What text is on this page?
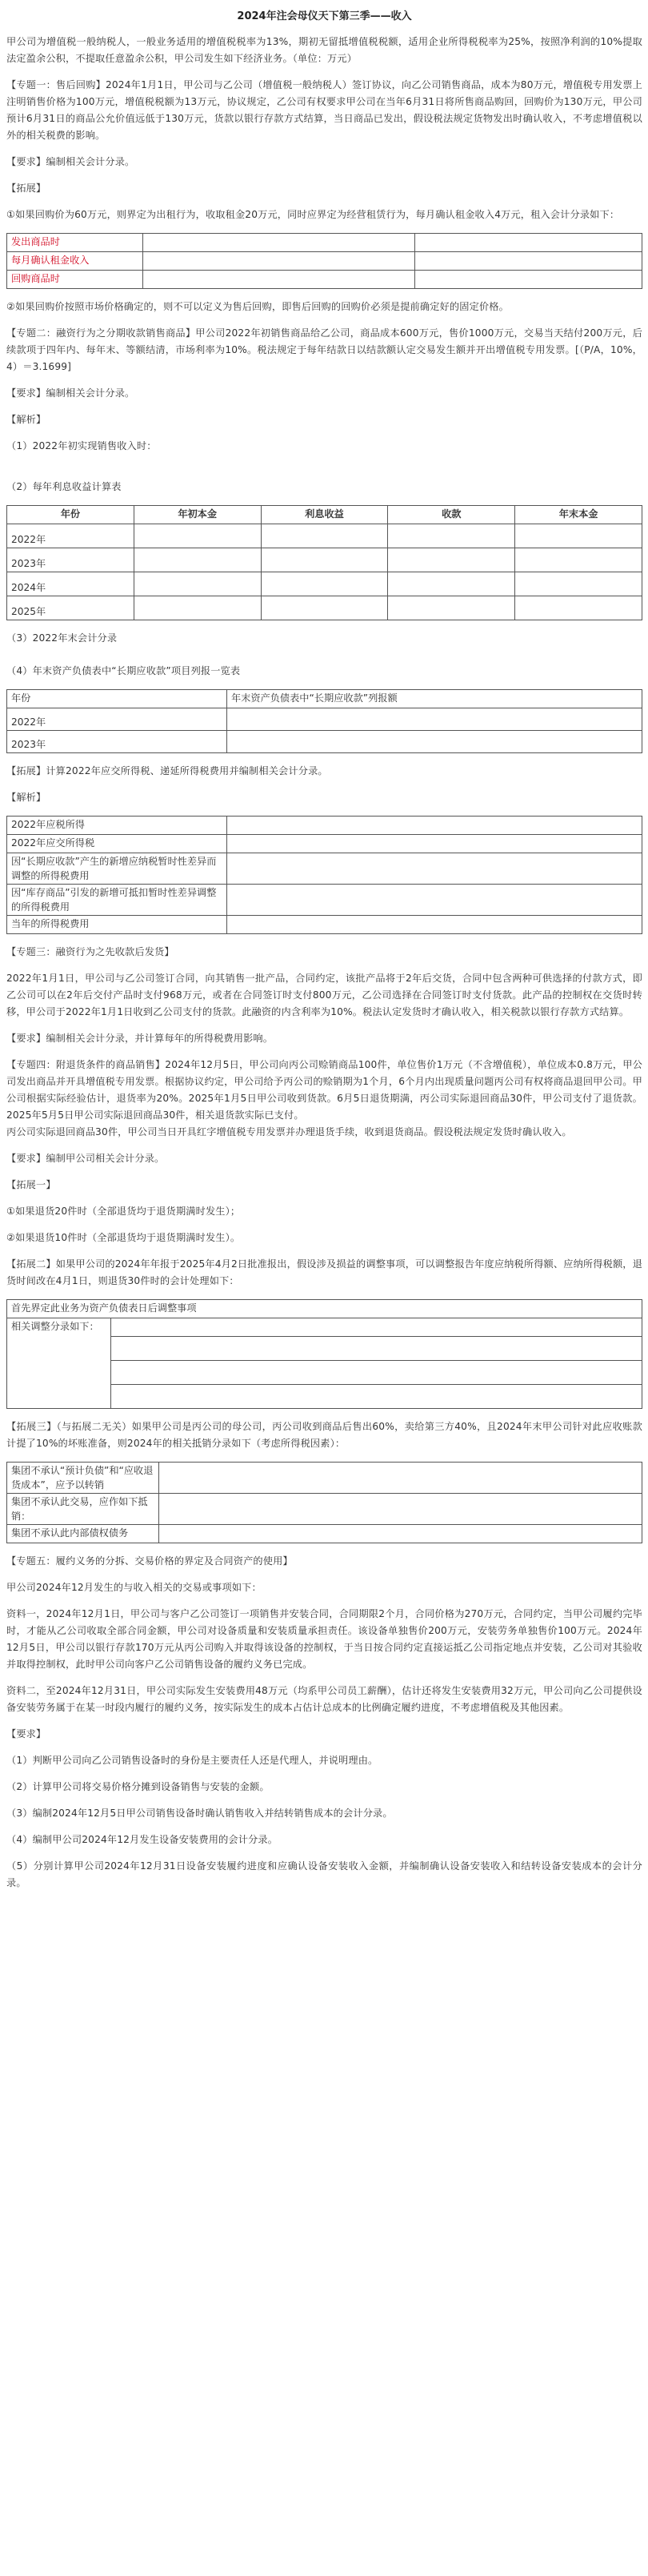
2024年注会母仪天下第三季——收入

甲公司为增值税一般纳税人，一般业务适用的增值税税率为13%，期初无留抵增值税税额，适用企业所得税税率为25%，按照净利润的10%提取法定盈余公积，不提取任意盈余公积，甲公司发生如下经济业务。（单位：万元）

【专题一：售后回购】2024年1月1日，甲公司与乙公司（增值税一般纳税人）签订协议，向乙公司销售商品，成本为80万元，增值税专用发票上注明销售价格为100万元，增值税税额为13万元，协议规定，乙公司有权要求甲公司在当年6月31日将所售商品购回，回购价为130万元，甲公司预计6月31日的商品公允价值远低于130万元，货款以银行存款方式结算，当日商品已发出，假设税法规定货物发出时确认收入，不考虑增值税以外的相关税费的影响。

【要求】编制相关会计分录。

【拓展】

①如果回购价为60万元，则界定为出租行为，收取租金20万元，同时应界定为经营租赁行为，每月确认租金收入4万元，租入会计分录如下：

发出商品时		
每月确认租金收入		
回购商品时		

②如果回购价按照市场价格确定的，则不可以定义为售后回购，即售后回购的回购价必须是提前确定好的固定价格。

【专题二：融资行为之分期收款销售商品】甲公司2022年初销售商品给乙公司，商品成本600万元，售价1000万元，交易当天结付200万元，后续款项于四年内、每年末、等额结清，市场利率为10%。税法规定于每年结款日以结款额认定交易发生额并开出增值税专用发票。[（P/A，10%，4）＝3.1699]

【要求】编制相关会计分录。

【解析】

（1）2022年初实现销售收入时：

（2）每年利息收益计算表

年份	年初本金	利息收益	收款	年末本金
2022年				
2023年				
2024年				
2025年				

（3）2022年末会计分录

（4）年末资产负债表中“长期应收款”项目列报一览表

年份	年末资产负债表中“长期应收款”列报额
2022年	
2023年	

【拓展】计算2022年应交所得税、递延所得税费用并编制相关会计分录。

【解析】

2022年应税所得	
2022年应交所得税	
因“长期应收款”产生的新增应纳税暂时性差异而调整的所得税费用	
因“库存商品”引发的新增可抵扣暂时性差异调整的所得税费用	
当年的所得税费用	

【专题三：融资行为之先收款后发货】

2022年1月1日，甲公司与乙公司签订合同，向其销售一批产品，合同约定，该批产品将于2年后交货，合同中包含两种可供选择的付款方式，即乙公司可以在2年后交付产品时支付968万元，或者在合同签订时支付800万元，乙公司选择在合同签订时支付货款。此产品的控制权在交货时转移，甲公司于2022年1月1日收到乙公司支付的货款。此融资的内含利率为10%。税法认定发货时才确认收入，相关税款以银行存款方式结算。

【要求】编制相关会计分录，并计算每年的所得税费用影响。

【专题四：附退货条件的商品销售】2024年12月5日，甲公司向丙公司赊销商品100件，单位售价1万元（不含增值税），单位成本0.8万元，甲公司发出商品并开具增值税专用发票。根据协议约定，甲公司给予丙公司的赊销期为1个月，6个月内出现质量问题丙公司有权将商品退回甲公司。甲公司根据实际经验估计，退货率为20%。2025年1月5日甲公司收到货款。6月5日退货期满，丙公司实际退回商品30件，甲公司支付了退货款。2025年5月5日甲公司实际退回商品30件，相关退货款实际已支付。

丙公司实际退回商品30件，甲公司当日开具红字增值税专用发票并办理退货手续，收到退货商品。假设税法规定发货时确认收入。

【要求】编制甲公司相关会计分录。

【拓展一】

①如果退货20件时（全部退货均于退货期满时发生）；

②如果退货10件时（全部退货均于退货期满时发生）。

【拓展二】如果甲公司的2024年年报于2025年4月2日批准报出，假设涉及损益的调整事项，可以调整报告年度应纳税所得额、应纳所得税额，退货时间改在4月1日，则退货30件时的会计处理如下：

首先界定此业务为资产负债表日后调整事项
相关调整分录如下：	

【拓展三】（与拓展二无关）如果甲公司是丙公司的母公司，丙公司收到商品后售出60%，卖给第三方40%，且2024年末甲公司针对此应收账款计提了10%的坏账准备，则2024年的相关抵销分录如下（考虑所得税因素）：

集团不承认“预计负债”和“应收退货成本”，应予以转销	
集团不承认此交易，应作如下抵销：	
集团不承认此内部债权债务	

【专题五：履约义务的分拆、交易价格的界定及合同资产的使用】

甲公司2024年12月发生的与收入相关的交易或事项如下：

资料一，2024年12月1日，甲公司与客户乙公司签订一项销售并安装合同，合同期限2个月，合同价格为270万元，合同约定，当甲公司履约完毕时，才能从乙公司收取全部合同金额，甲公司对设备质量和安装质量承担责任。该设备单独售价200万元，安装劳务单独售价100万元。2024年12月5日，甲公司以银行存款170万元从丙公司购入并取得该设备的控制权，于当日按合同约定直接运抵乙公司指定地点并安装，乙公司对其验收并取得控制权，此时甲公司向客户乙公司销售设备的履约义务已完成。

资料二，至2024年12月31日，甲公司实际发生安装费用48万元（均系甲公司员工薪酬），估计还将发生安装费用32万元，甲公司向乙公司提供设备安装劳务属于在某一时段内履行的履约义务，按实际发生的成本占估计总成本的比例确定履约进度，不考虑增值税及其他因素。

【要求】

（1）判断甲公司向乙公司销售设备时的身份是主要责任人还是代理人，并说明理由。

（2）计算甲公司将交易价格分摊到设备销售与安装的金额。

（3）编制2024年12月5日甲公司销售设备时确认销售收入并结转销售成本的会计分录。

（4）编制甲公司2024年12月发生设备安装费用的会计分录。

（5）分别计算甲公司2024年12月31日设备安装履约进度和应确认设备安装收入金额，并编制确认设备安装收入和结转设备安装成本的会计分录。
